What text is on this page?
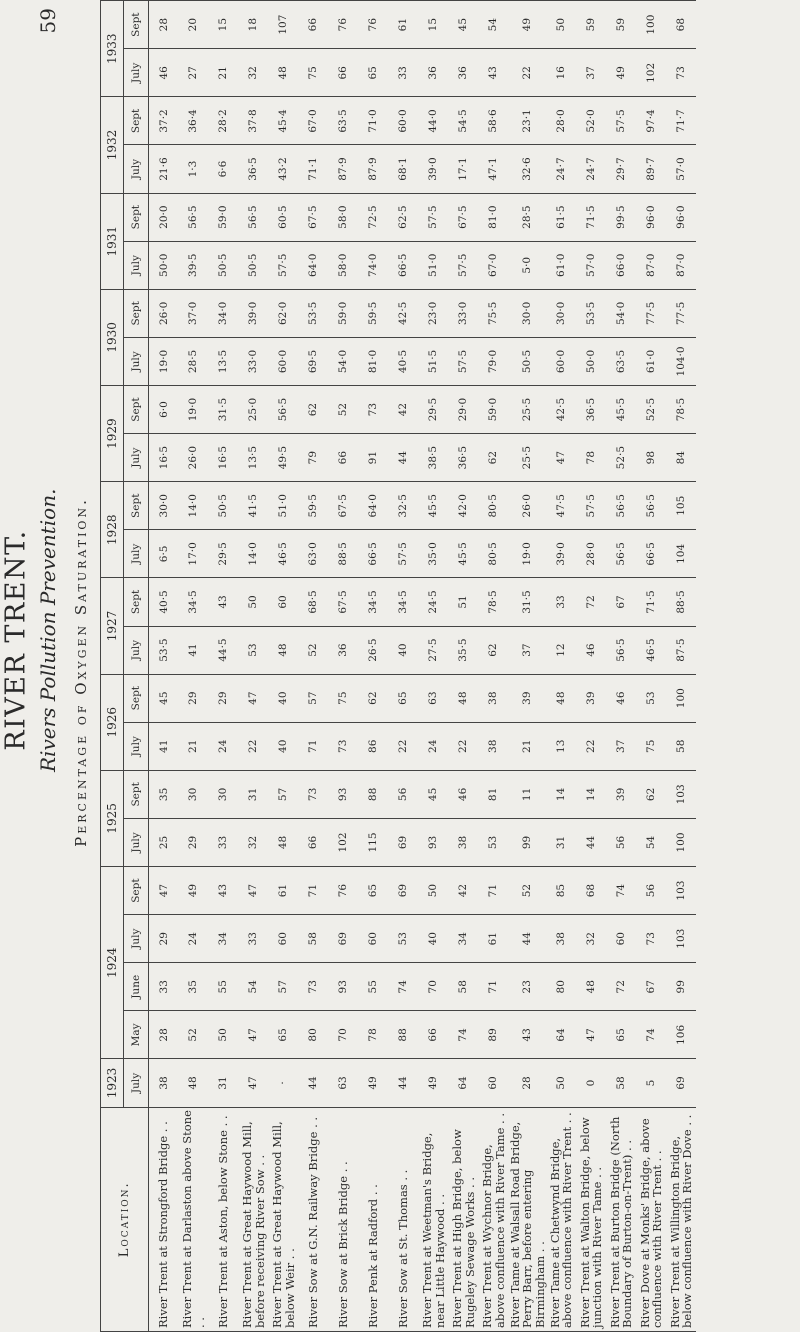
RIVER TRENT. Rivers Pollution Prevention.
59
Percentage of Oxygen Saturation.
Location.	1923	1924				1925		1926		1927		1928		1929		1930		1931		1932		1933	
	July	May	June	July	Sept	July	Sept	July	Sept	July	Sept	July	Sept	July	Sept	July	Sept	July	Sept	July	Sept	July	Sept
River Trent at Strongford Bridge . .	38	28	33	29	47	25	35	41	45	53·5	40·5	6·5	30·0	16·5	6·0	19·0	26·0	50·0	20·0	21·6	37·2	46	28
River Trent at Darlaston above Stone . .	48	52	35	24	49	29	30	21	29	41	34·5	17·0	14·0	26·0	19·0	28·5	37·0	39·5	56·5	1·3	36·4	27	20
River Trent at Aston, below Stone . .	31	50	55	34	43	33	30	24	29	44·5	43	29·5	50·5	16·5	31·5	13·5	34·0	50·5	59·0	6·6	28·2	21	15
River Trent at Great Haywood Mill, before receiving River Sow . .	47	47	54	33	47	32	31	22	47	53	50	14·0	41·5	13·5	25·0	33·0	39·0	50·5	56·5	36·5	37·8	32	18
River Trent at Great Haywood Mill, below Weir . .	·	65	57	60	61	48	57	40	40	48	60	46·5	51·0	49·5	56·5	60·0	62·0	57·5	60·5	43·2	45·4	48	107
River Sow at G.N. Railway Bridge . .	44	80	73	58	71	66	73	71	57	52	68·5	63·0	59·5	79	62	69·5	53·5	64·0	67·5	71·1	67·0	75	66
River Sow at Brick Bridge . .	63	70	93	69	76	102	93	73	75	36	67·5	88·5	67·5	66	52	54·0	59·0	58·0	58·0	87·9	63·5	66	76
River Penk at Radford . .	49	78	55	60	65	115	88	86	62	26·5	34·5	66·5	64·0	91	73	81·0	59·5	74·0	72·5	87·9	71·0	65	76
River Sow at St. Thomas . .	44	88	74	53	69	69	56	22	65	40	34·5	57·5	32·5	44	42	40·5	42·5	66·5	62·5	68·1	60·0	33	61
River Trent at Weetman's Bridge, near Little Haywood . .	49	66	70	40	50	93	45	24	63	27·5	24·5	35·0	45·5	38·5	29·5	51·5	23·0	51·0	57·5	39·0	44·0	36	15
River Trent at High Bridge, below Rugeley Sewage Works . .	64	74	58	34	42	38	46	22	48	35·5	51	45·5	42·0	36·5	29·0	57·5	33·0	57·5	67·5	17·1	54·5	36	45
River Trent at Wychnor Bridge, above confluence with River Tame . .	60	89	71	61	71	53	81	38	38	62	78·5	80·5	80·5	62	59·0	79·0	75·5	67·0	81·0	47·1	58·6	43	54
River Tame at Walsall Road Bridge, Perry Barr, before entering Birmingham . .	28	43	23	44	52	99	11	21	39	37	31·5	19·0	26·0	25·5	25·5	50·5	30·0	5·0	28·5	32·6	23·1	22	49
River Tame at Chetwynd Bridge, above confluence with River Trent . .	50	64	80	38	85	31	14	13	48	12	33	39·0	47·5	47	42·5	60·0	30·0	61·0	61·5	24·7	28·0	16	50
River Trent at Walton Bridge, below junction with River Tame . .	0	47	48	32	68	44	14	22	39	46	72	28·0	57·5	78	36·5	50·0	53·5	57·0	71·5	24·7	52·0	37	59
River Trent at Burton Bridge (North Boundary of Burton-on-Trent) . .	58	65	72	60	74	56	39	37	46	56·5	67	56·5	56·5	52·5	45·5	63·5	54·0	66·0	99·5	29·7	57·5	49	59
River Dove at Monks' Bridge, above confluence with River Trent . .	5	74	67	73	56	54	62	75	53	46·5	71·5	66·5	56·5	98	52·5	61·0	77·5	87·0	96·0	89·7	97·4	102	100
River Trent at Willington Bridge, below confluence with River Dove . .	69	106	99	103	103	100	103	58	100	87·5	88·5	104	105	84	78·5	104·0	77·5	87·0	96·0	57·0	71·7	73	68
